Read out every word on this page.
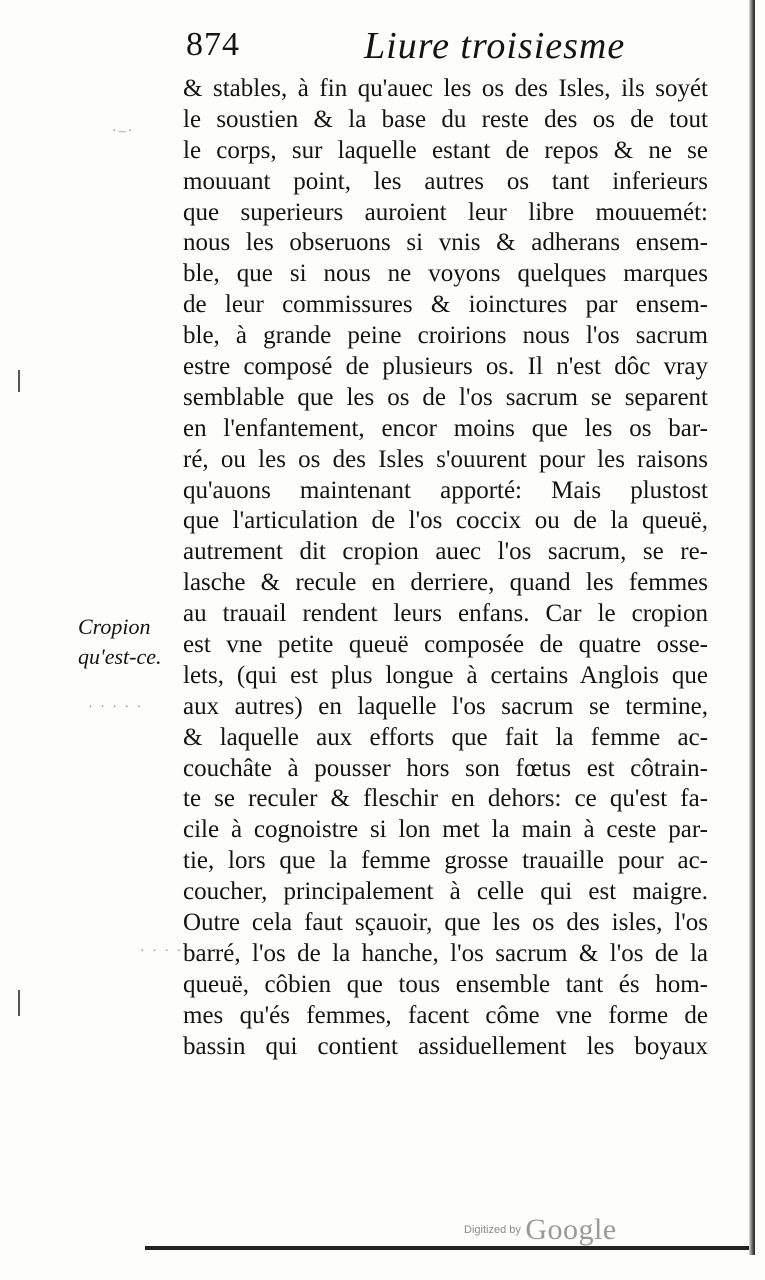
874	Liure troisiesme
·–·
· · · · ·
· · · ·
& stables, à fin qu'auec les os des Isles, ils soyét
le soustien & la base du reste des os de tout
le corps, sur laquelle estant de repos & ne se
mouuant point, les autres os tant inferieurs
que superieurs auroient leur libre mouuemét:
nous les obseruons si vnis & adherans ensem-
ble, que si nous ne voyons quelques marques
de leur commissures & ioinctures par ensem-
ble, à grande peine croirions nous l'os sacrum
estre composé de plusieurs os. Il n'est dôc vray
semblable que les os de l'os sacrum se separent
en l'enfantement, encor moins que les os bar-
ré, ou les os des Isles s'ouurent pour les raisons
qu'auons maintenant apporté: Mais plustost
que l'articulation de l'os coccix ou de la queuë,
autrement dit cropion auec l'os sacrum, se re-
lasche & recule en derriere, quand les femmes
au trauail rendent leurs enfans. Car le cropion
est vne petite queuë composée de quatre osse-
lets, (qui est plus longue à certains Anglois que
aux autres) en laquelle l'os sacrum se termine,
& laquelle aux efforts que fait la femme ac-
couchâte à pousser hors son fœtus est côtrain-
te se reculer & fleschir en dehors: ce qu'est fa-
cile à cognoistre si lon met la main à ceste par-
tie, lors que la femme grosse trauaille pour ac-
coucher, principalement à celle qui est maigre.
Outre cela faut sçauoir, que les os des isles, l'os
barré, l'os de la hanche, l'os sacrum & l'os de la
queuë, côbien que tous ensemble tant és hom-
mes qu'és femmes, facent côme vne forme de
bassin qui contient assiduellement les boyaux
Cropion
qu'est-ce.
Digitized by Google
